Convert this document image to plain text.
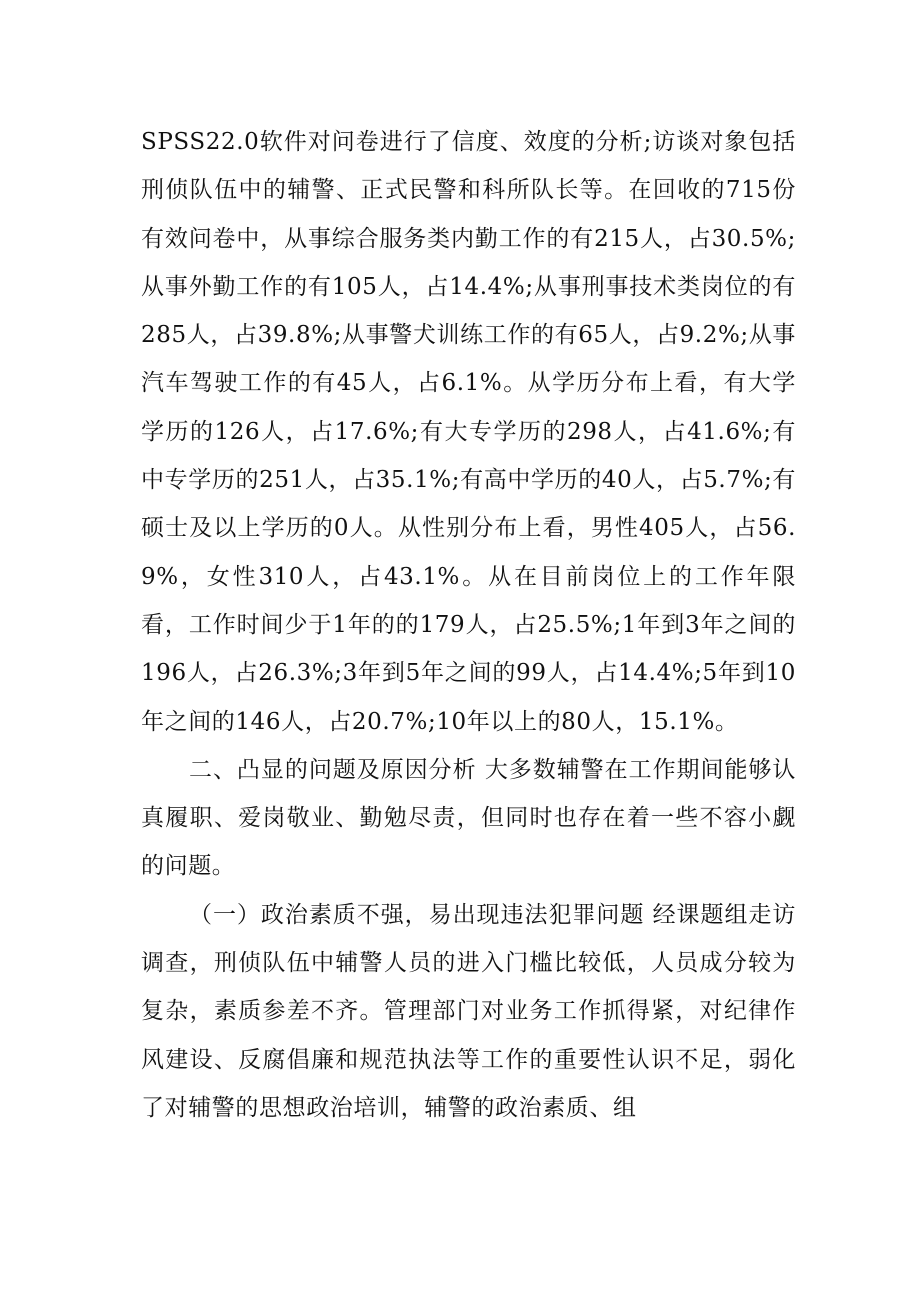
SPSS22.0软件对问卷进行了信度、效度的分析;访谈对象包括刑侦队伍中的辅警、正式民警和科所队长等。在回收的715份有效问卷中，从事综合服务类内勤工作的有215人，占30.5%;从事外勤工作的有105人，占14.4%;从事刑事技术类岗位的有285人，占39.8%;从事警犬训练工作的有65人，占9.2%;从事汽车驾驶工作的有45人，占6.1%。从学历分布上看，有大学学历的126人，占17.6%;有大专学历的298人，占41.6%;有中专学历的251人，占35.1%;有高中学历的40人，占5.7%;有硕士及以上学历的0人。从性别分布上看，男性405人，占56.9%，女性310人，占43.1%。从在目前岗位上的工作年限看，工作时间少于1年的的179人，占25.5%;1年到3年之间的196人，占26.3%;3年到5年之间的99人，占14.4%;5年到10年之间的146人，占20.7%;10年以上的80人，15.1%。

二、凸显的问题及原因分析 大多数辅警在工作期间能够认真履职、爱岗敬业、勤勉尽责，但同时也存在着一些不容小觑的问题。

（一）政治素质不强，易出现违法犯罪问题 经课题组走访调查，刑侦队伍中辅警人员的进入门槛比较低，人员成分较为复杂，素质参差不齐。管理部门对业务工作抓得紧，对纪律作风建设、反腐倡廉和规范执法等工作的重要性认识不足，弱化了对辅警的思想政治培训，辅警的政治素质、组
